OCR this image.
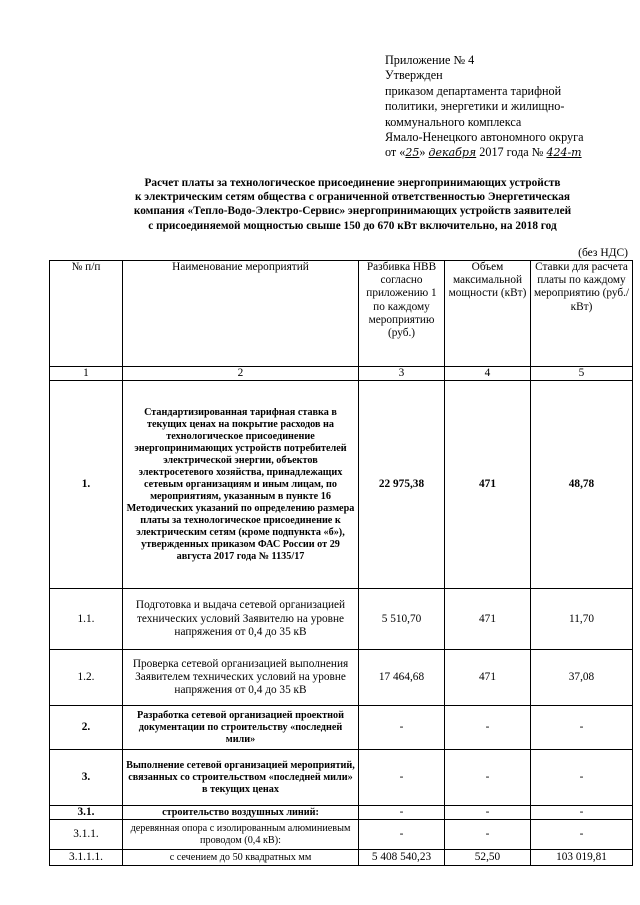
Приложение № 4
Утвержден
приказом департамента тарифной
политики, энергетики и жилищно-
коммунального комплекса
Ямало-Ненецкого автономного округа
от «25» декабря 2017 года № 424-т
Расчет платы за технологическое присоединение энергопринимающих устройств
к электрическим сетям общества с ограниченной ответственностью Энергетическая
компания «Тепло-Водо-Электро-Сервис» энергопринимающих устройств заявителей
с присоединяемой мощностью свыше 150 до 670 кВт включительно, на 2018 год
(без НДС)
№ п/п	Наименование мероприятий	Разбивка НВВ согласно приложению 1 по каждому мероприятию (руб.)	Объем максимальной мощности (кВт)	Ставки для расчета платы по каждому мероприятию (руб./кВт)
1	2	3	4	5
1.	Стандартизированная тарифная ставка в текущих ценах на покрытие расходов на технологическое присоединение энергопринимающих устройств потребителей электрической энергии, объектов электросетевого хозяйства, принадлежащих сетевым организациям и иным лицам, по мероприятиям, указанным в пункте 16 Методических указаний по определению размера платы за технологическое присоединение к электрическим сетям (кроме подпункта «б»), утвержденных приказом ФАС России от 29 августа 2017 года № 1135/17	22 975,38	471	48,78
1.1.	Подготовка и выдача сетевой организацией технических условий Заявителю на уровне напряжения от 0,4 до 35 кВ	5 510,70	471	11,70
1.2.	Проверка сетевой организацией выполнения Заявителем технических условий на уровне напряжения от 0,4 до 35 кВ	17 464,68	471	37,08
2.	Разработка сетевой организацией проектной документации по строительству «последней мили»	-	-	-
3.	Выполнение сетевой организацией мероприятий, связанных со строительством «последней мили» в текущих ценах	-	-	-
3.1.	строительство воздушных линий:	-	-	-
3.1.1.	деревянная опора с изолированным алюминиевым проводом (0,4 кВ):	-	-	-
3.1.1.1.	с сечением до 50 квадратных мм	5 408 540,23	52,50	103 019,81
